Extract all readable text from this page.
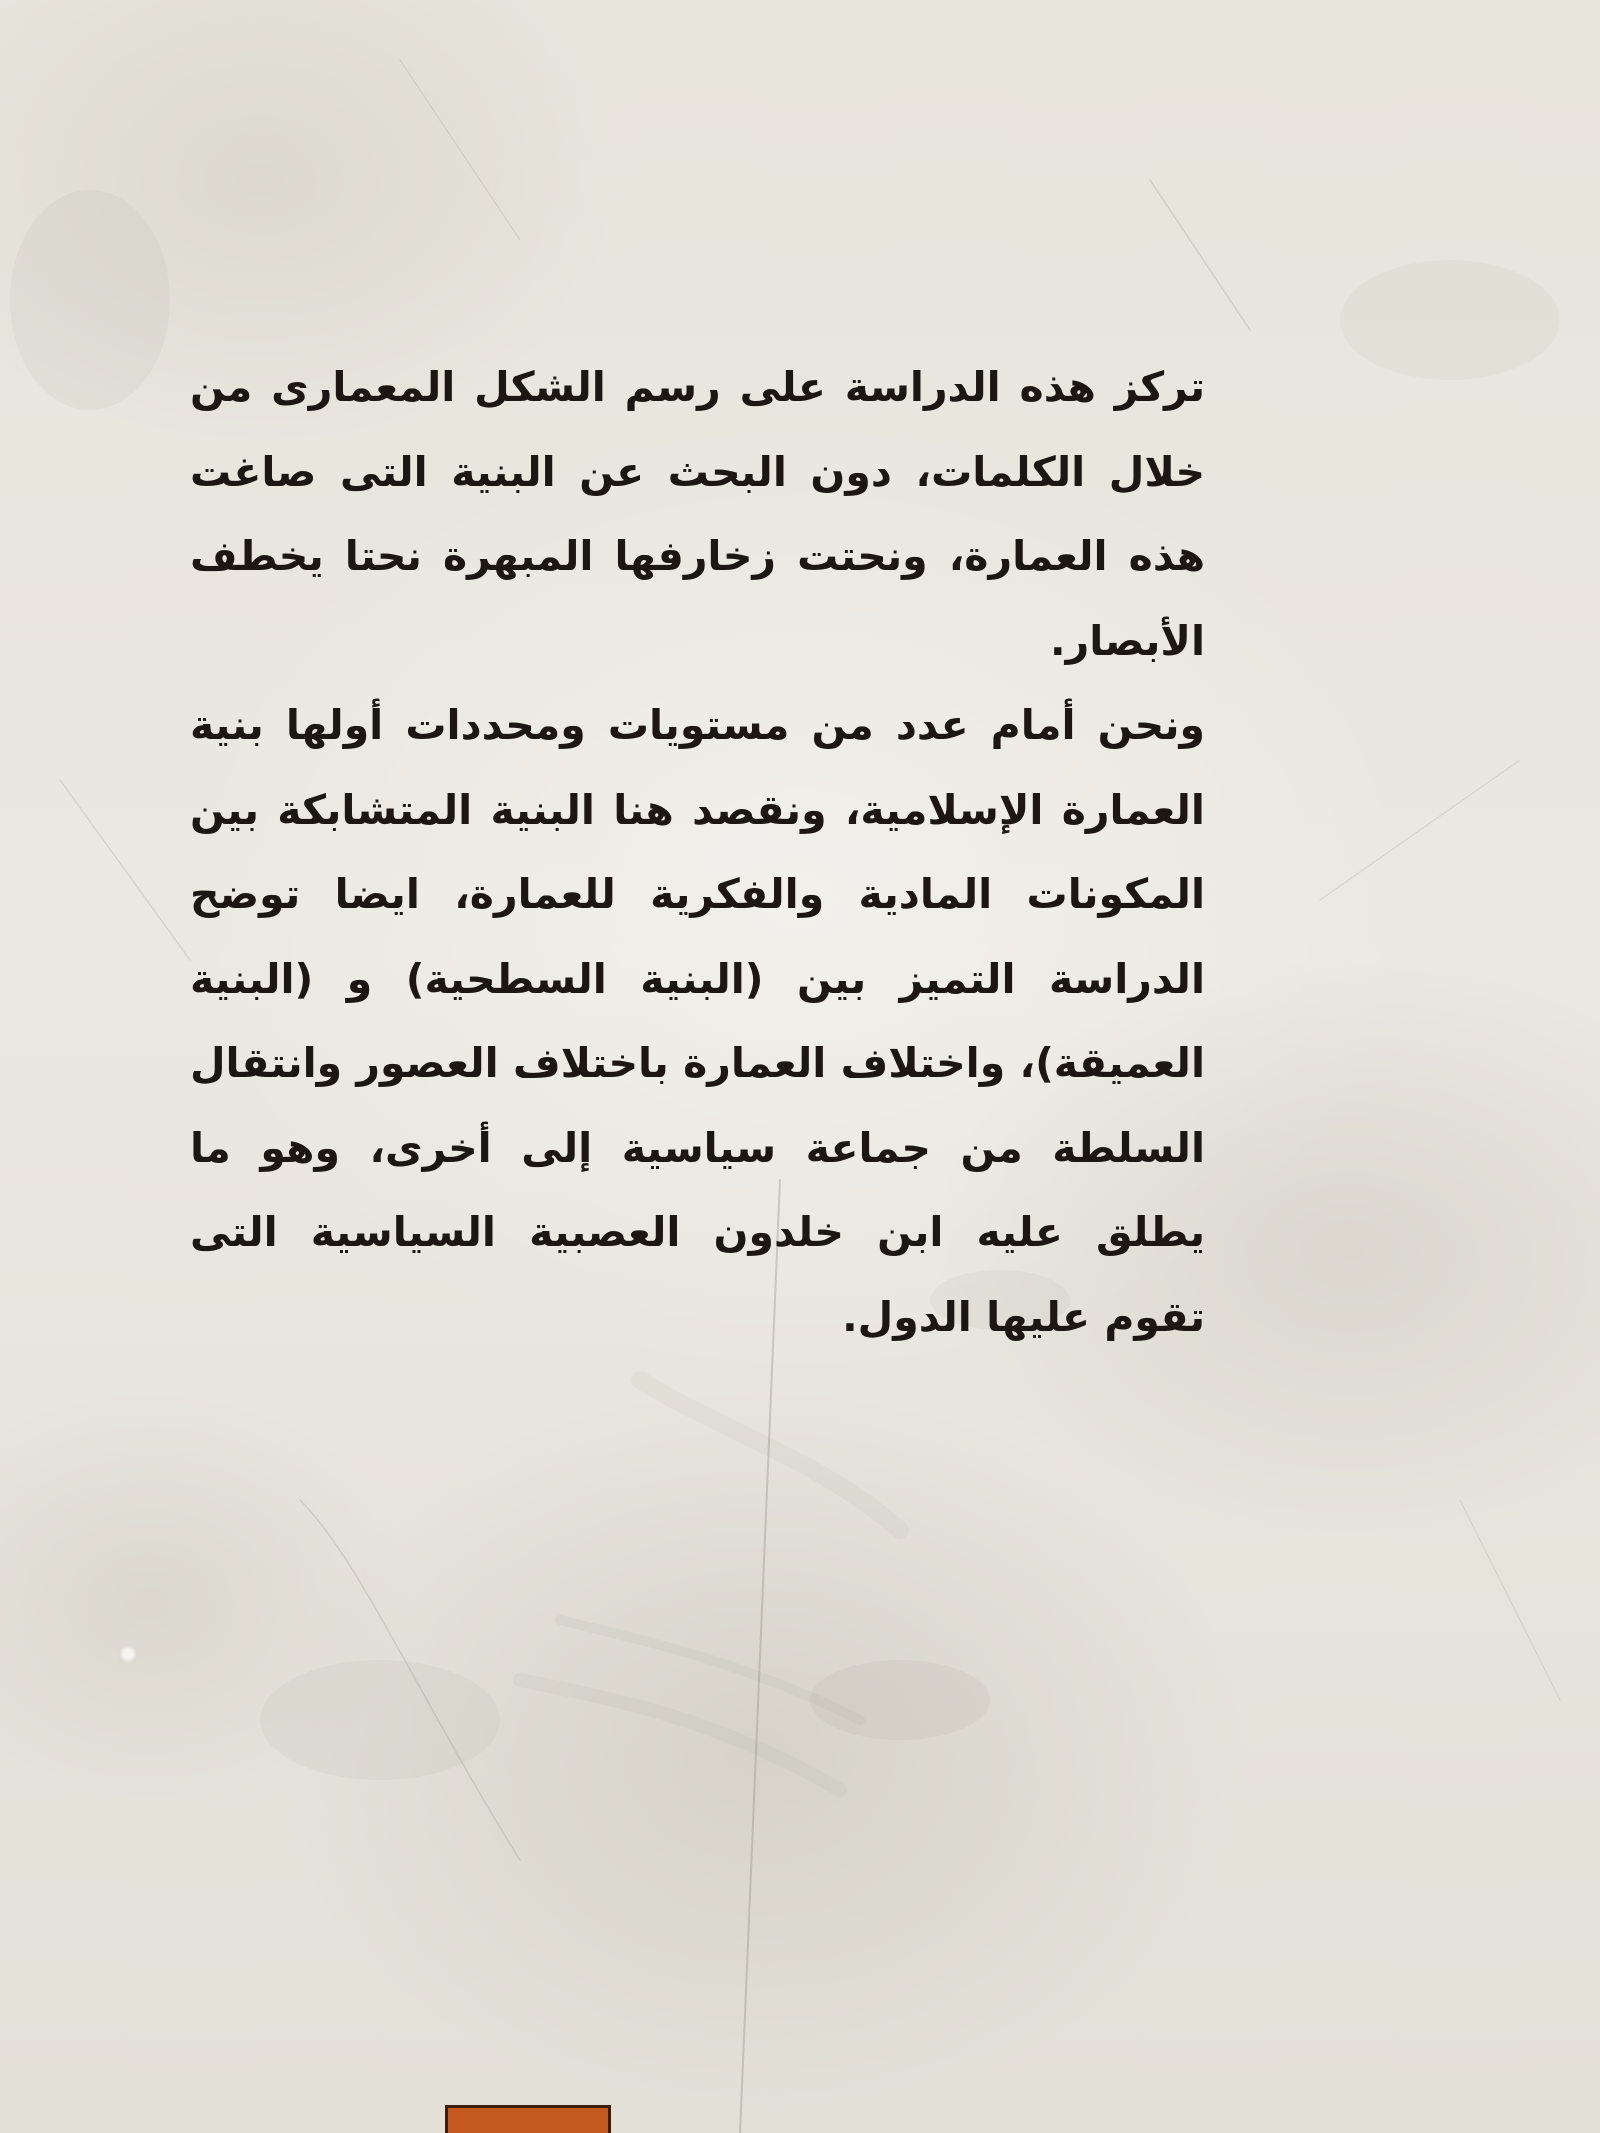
تركز هذه الدراسة على رسم الشكل المعمارى من خلال الكلمات، دون البحث عن البنية التى صاغت هذه العمارة، ونحتت زخارفها المبهرة نحتا يخطف الأبصار.

ونحن أمام عدد من مستويات ومحددات أولها بنية العمارة الإسلامية، ونقصد هنا البنية المتشابكة بين المكونات المادية والفكرية للعمارة، ايضا توضح الدراسة التميز بين (البنية السطحية) و (البنية العميقة)، واختلاف العمارة باختلاف العصور وانتقال السلطة من جماعة سياسية إلى أخرى، وهو ما يطلق عليه ابن خلدون العصبية السياسية التى تقوم عليها الدول.
